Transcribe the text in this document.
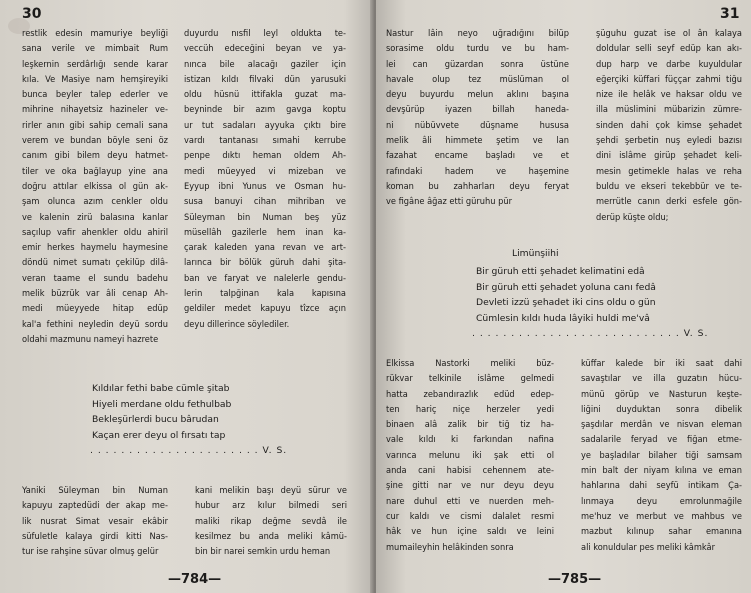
30
restlik edesin mamuriye beyliği
sana verile ve mimbait Rum
leşkernin serdârlığı sende karar
kıla. Ve Masiye nam hemşireyiki
bunca beyler talep ederler ve
mihrine nihayetsiz hazineler ve-
rirler anın gibi sahip cemali sana
verem ve bundan böyle seni öz
canım gibi bilem deyu hatmet-
tiler ve oka bağlayup yine ana
doğru attılar elkissa ol gün ak-
şam olunca azım cenkler oldu
ve kalenin zirü balasına kanlar
saçılup vafir ahenkler oldu ahiril
emir herkes haymelu haymesine
döndü nimet sumatı çekilüp dilâ-
veran taame el sundu badehu
melik büzrük var âli cenap Ah-
medi müeyyede hitap edüp
kal'a fethini neyledin deyü sordu
oldahi mazmunu nameyi hazrete
duyurdu nısfil leyl oldukta te-
veccüh edeceğini beyan ve ya-
nınca bile alacağı gaziler için
istizan kıldı filvaki dün yarusuki
oldu hüsnü ittifakla guzat ma-
beyninde bir azım gavga koptu
ur tut sadaları ayyuka çıktı bire
vardı tantanası sımahi kerrube
penpe dıktı heman oldem Ah-
medi müeyyed vi mizeban ve
Eyyup ibni Yunus ve Osman hu-
susa banuyi cihan mihriban ve
Süleyman bin Numan beş yüz
müsellâh gazilerle hem inan ka-
çarak kaleden yana revan ve art-
larınca bir bölük güruh dahi şita-
ban ve faryat ve nalelerle gendu-
lerin talpğinan kala kapısına
geldiler medet kapuyu tîzce açın
deyu dillerince söylediler.
Kıldılar fethi babe cümle şitab
Hiyeli merdane oldu fethulbab
Bekleşürlerdi bucu bârudan
Kaçan erer deyu ol fırsatı tap
. . . . . . . . . . . . . . . . . . . . . . V. S.
Yaniki Süleyman bin Numan
kapuyu zaptedüdi der akap me-
lik nusrat Simat vesair ekâbir
süfuletle kalaya girdi kitti Nas-
tur ise rahşine süvar olmuş gelür
kani melikin başı deyü sürur ve
hubur arz kılur bilmedi seri
maliki rikap değme sevdâ ile
kesilmez bu anda meliki kâmü-
bin bir narei semkin urdu heman
—784—
31
Nastur lâin neyo uğradığını bilüp
sorasime oldu turdu ve bu ham-
lei can güzardan sonra üstüne
havale olup tez müslüman ol
deyu buyurdu melun aklını başına
devşürüp iyazen billah haneda-
ni nübüvvete düşname hususa
melik âli himmete şetim ve lan
fazahat encame başladı ve et
rafındaki hadem ve haşemine
koman bu zahharları deyu feryat
ve figâne âğaz etti güruhu pür
şüguhu guzat ise ol ân kalaya
doldular selli seyf edüp kan akı-
dup harp ve darbe kuyuldular
eğerçiki küffari füççar zahmi tiğu
nize ile helâk ve haksar oldu ve
illa müslimini mübarizin zümre-
sinden dahi çok kimse şehadet
şehdi şerbetin nuş eyledi bazısı
dini islâme girüp şehadet keli-
mesin getimekle halas ve reha
buldu ve ekseri tekebbür ve te-
merrütle canın derki esfele gön-
derüp küşte oldu;
Limünşiihi
Bir güruh etti şehadet kelimatini edâ
Bir güruh etti şehadet yoluna canı fedâ
Devleti izzü şehadet iki cins oldu o gün
Cümlesin kıldı huda lâyiki huldi me'vâ
. . . . . . . . . . . . . . . . . . . . . . . . . . . V. S.
Elkissa Nastorki meliki büz-
rükvar telkinile islâme gelmedi
hatta zebandırazlık edüd edep-
ten hariç niçe herzeler yedi
binaen alâ zalik bir tiğ tiz ha-
vale kıldı ki farkından nafina
varınca melunu iki şak etti ol
anda cani habisi cehennem ate-
şine gitti nar ve nur deyu deyu
nare duhul etti ve nuerden meh-
cur kaldı ve cismi dalalet resmi
hâk ve hun içine saldı ve leini
mumaileyhin helâkinden sonra
küffar kalede bir iki saat dahi
savaştılar ve illa guzatın hücu-
münü görüp ve Nasturun keşte-
liğini duyduktan sonra dibelik
şaşdılar merdân ve nisvan eleman
sadalarile feryad ve fiğan etme-
ye başladılar bilaher tiği samsam
min balt der niyam kılına ve eman
hahlarına dahi seyfü intikam Ça-
lınmaya deyu emrolunmağile
me'huz ve merbut ve mahbus ve
mazbut kılınup sahar emanına
ali konuldular pes meliki kâmkâr
—785—
